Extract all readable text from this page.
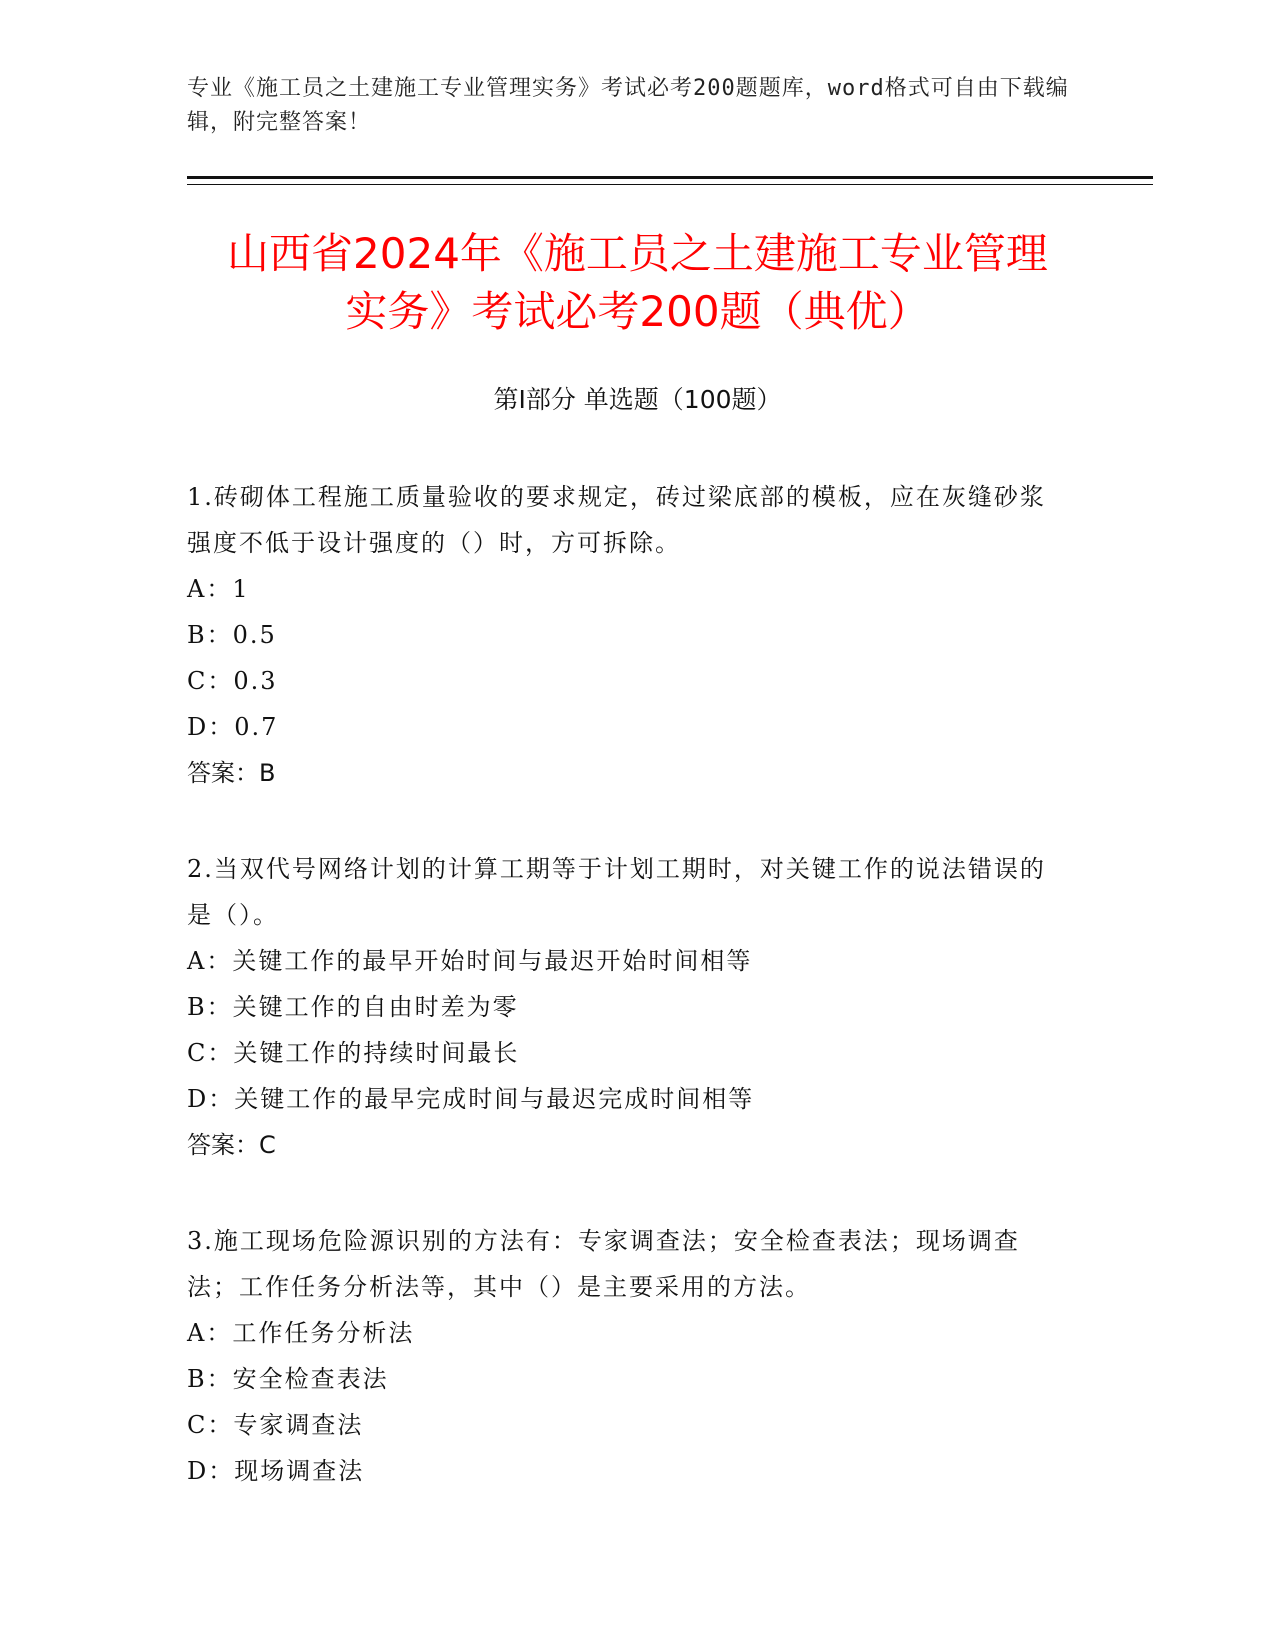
专业《施工员之土建施工专业管理实务》考试必考200题题库，word格式可自由下载编辑，附完整答案！
山西省2024年《施工员之土建施工专业管理
实务》考试必考200题（典优）
第I部分 单选题（100题）

1.砖砌体工程施工质量验收的要求规定，砖过梁底部的模板，应在灰缝砂浆强度不低于设计强度的（）时，方可拆除。

A：1

B：0.5

C：0.3

D：0.7

答案：B

2.当双代号网络计划的计算工期等于计划工期时，对关键工作的说法错误的是（）。

A：关键工作的最早开始时间与最迟开始时间相等

B：关键工作的自由时差为零

C：关键工作的持续时间最长

D：关键工作的最早完成时间与最迟完成时间相等

答案：C

3.施工现场危险源识别的方法有：专家调查法；安全检查表法；现场调查法；工作任务分析法等，其中（）是主要采用的方法。

A：工作任务分析法

B：安全检查表法

C：专家调查法

D：现场调查法
